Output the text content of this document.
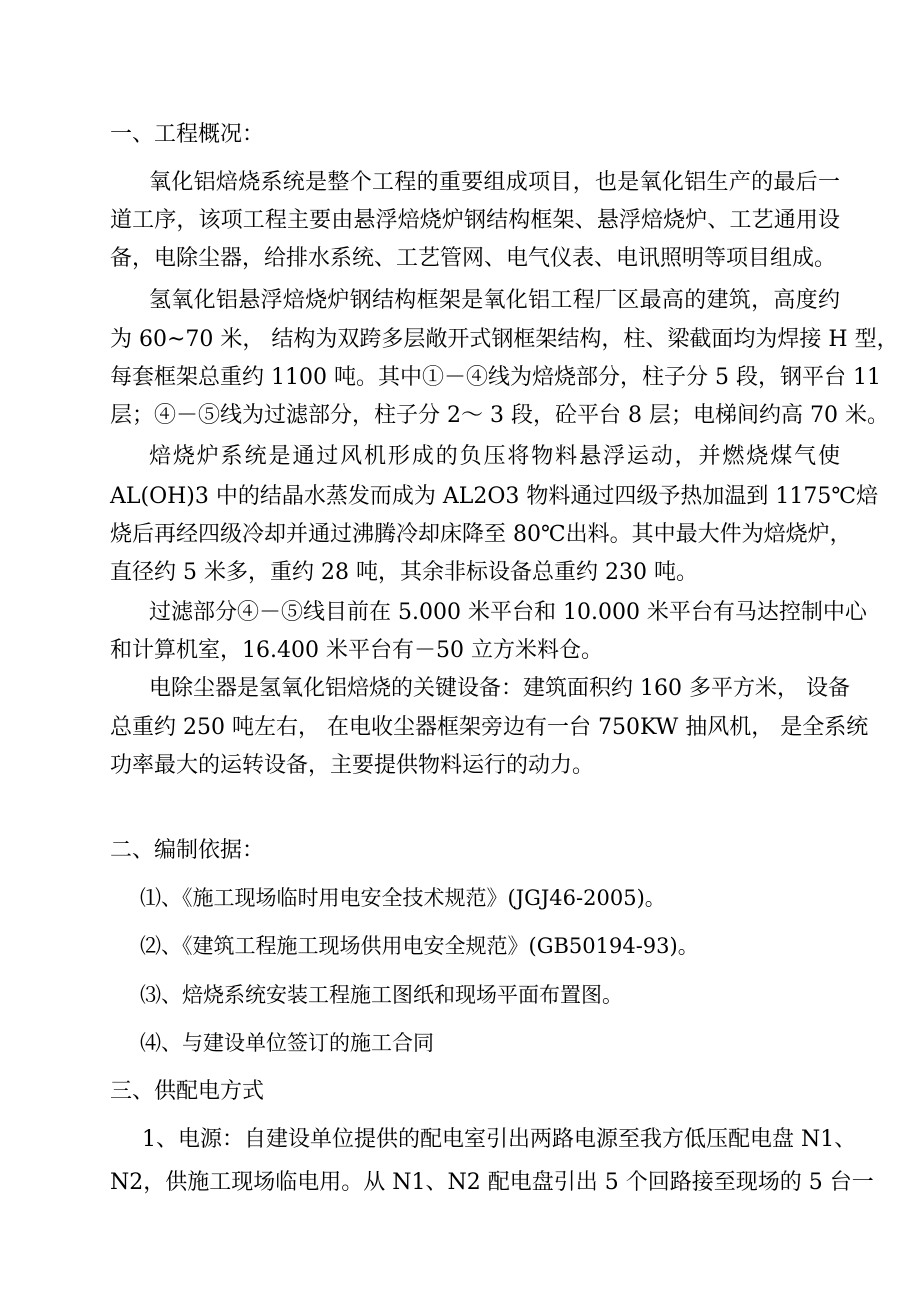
一、工程概况：
氧化铝焙烧系统是整个工程的重要组成项目，也是氧化铝生产的最后一
道工序，该项工程主要由悬浮焙烧炉钢结构框架、悬浮焙烧炉、工艺通用设
备，电除尘器，给排水系统、工艺管网、电气仪表、电讯照明等项目组成。
氢氧化铝悬浮焙烧炉钢结构框架是氧化铝工程厂区最高的建筑，高度约
为 60~70 米， 结构为双跨多层敞开式钢框架结构，柱、梁截面均为焊接 H 型，
每套框架总重约 1100 吨。其中①－④线为焙烧部分，柱子分 5 段，钢平台 11
层；④－⑤线为过滤部分，柱子分 2～ 3 段，砼平台 8 层；电梯间约高 70 米。
焙烧炉系统是通过风机形成的负压将物料悬浮运动，并燃烧煤气使
AL(OH)3 中的结晶水蒸发而成为 AL2O3 物料通过四级予热加温到 1175℃焙
烧后再经四级冷却并通过沸腾冷却床降至 80℃出料。其中最大件为焙烧炉，
直径约 5 米多，重约 28 吨，其余非标设备总重约 230 吨。
过滤部分④－⑤线目前在 5.000 米平台和 10.000 米平台有马达控制中心
和计算机室，16.400 米平台有－50 立方米料仓。
电除尘器是氢氧化铝焙烧的关键设备：建筑面积约 160 多平方米， 设备
总重约 250 吨左右， 在电收尘器框架旁边有一台 750KW 抽风机， 是全系统
功率最大的运转设备，主要提供物料运行的动力。
二、编制依据：
⑴、《施工现场临时用电安全技术规范》(JGJ46-2005)。
⑵、《建筑工程施工现场供用电安全规范》(GB50194-93)。
⑶、焙烧系统安装工程施工图纸和现场平面布置图。
⑷、与建设单位签订的施工合同
三、供配电方式
1、电源：自建设单位提供的配电室引出两路电源至我方低压配电盘 N1、
N2，供施工现场临电用。从 N1、N2 配电盘引出 5 个回路接至现场的 5 台一
